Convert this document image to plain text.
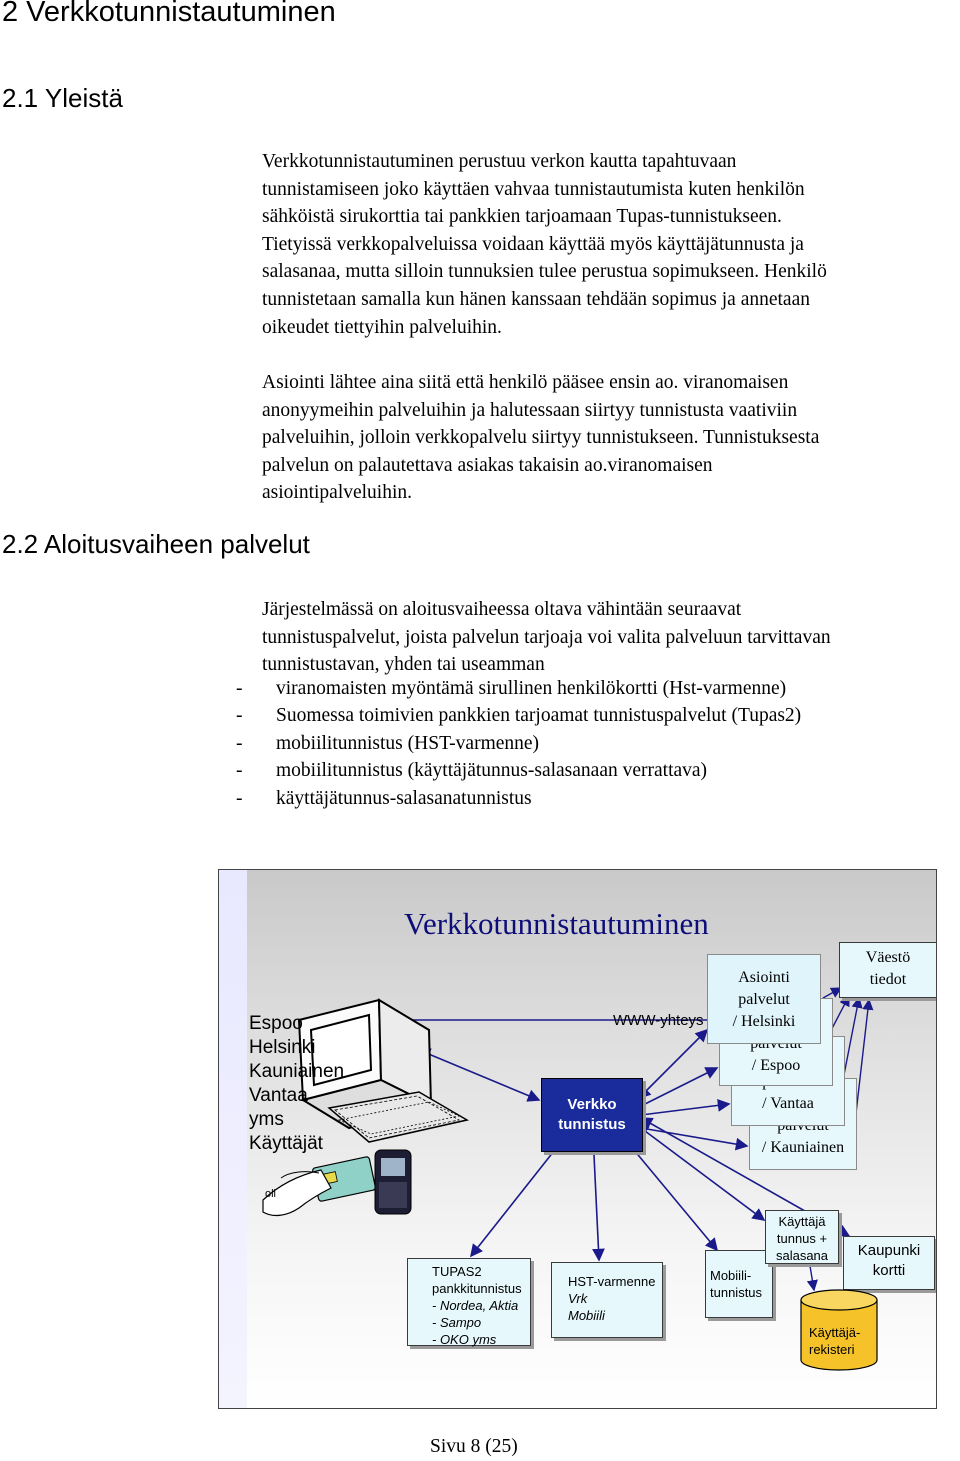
2 Verkkotunnistautuminen
2.1 Yleistä
Verkkotunnistautuminen perustuu verkon kautta tapahtuvaan
tunnistamiseen joko käyttäen vahvaa tunnistautumista kuten henkilön
sähköistä sirukorttia tai pankkien tarjoamaan Tupas-tunnistukseen.
Tietyissä verkkopalveluissa voidaan käyttää myös käyttäjätunnusta ja
salasanaa, mutta silloin tunnuksien tulee perustua sopimukseen. Henkilö
tunnistetaan samalla kun hänen kanssaan tehdään sopimus ja annetaan
oikeudet tiettyihin palveluihin.
Asiointi lähtee aina siitä että henkilö pääsee ensin ao. viranomaisen
anonyymeihin palveluihin ja halutessaan siirtyy tunnistusta vaativiin
palveluihin, jolloin verkkopalvelu siirtyy tunnistukseen. Tunnistuksesta
palvelun on palautettava asiakas takaisin ao.viranomaisen
asiointipalveluihin.
2.2 Aloitusvaiheen palvelut
Järjestelmässä on aloitusvaiheessa oltava vähintään seuraavat
tunnistuspalvelut, joista palvelun tarjoaja voi valita palveluun tarvittavan
tunnistustavan, yhden tai useamman
- viranomaisten myöntämä sirullinen henkilökortti (Hst-varmenne)
- Suomessa toimivien pankkien tarjoamat tunnistuspalvelut (Tupas2)
- mobiilitunnistus (HST-varmenne)
- mobiilitunnistus (käyttäjätunnus-salasanaan verrattava)
- käyttäjätunnus-salasanatunnistus
Verkkotunnistautuminen
Espoo
Helsinki
Kauniainen
Vantaa
yms
Käyttäjät
oli
WWW-yhteys
/ Kauniainen
/ Vantaa
/ Espoo
Asiointi
palvelut
/ Helsinki
Väestö
tiedot
Verkko
tunnistus
TUPAS2
pankkitunnistus
- Nordea, Aktia
- Sampo
- OKO yms
HST-varmenne
Vrk
Mobiili
Mobiili-
tunnistus
Käyttäjä
tunnus +
salasana	Kaupunki
kortti
Käyttäjä-
rekisteri
Sivu 8 (25)
